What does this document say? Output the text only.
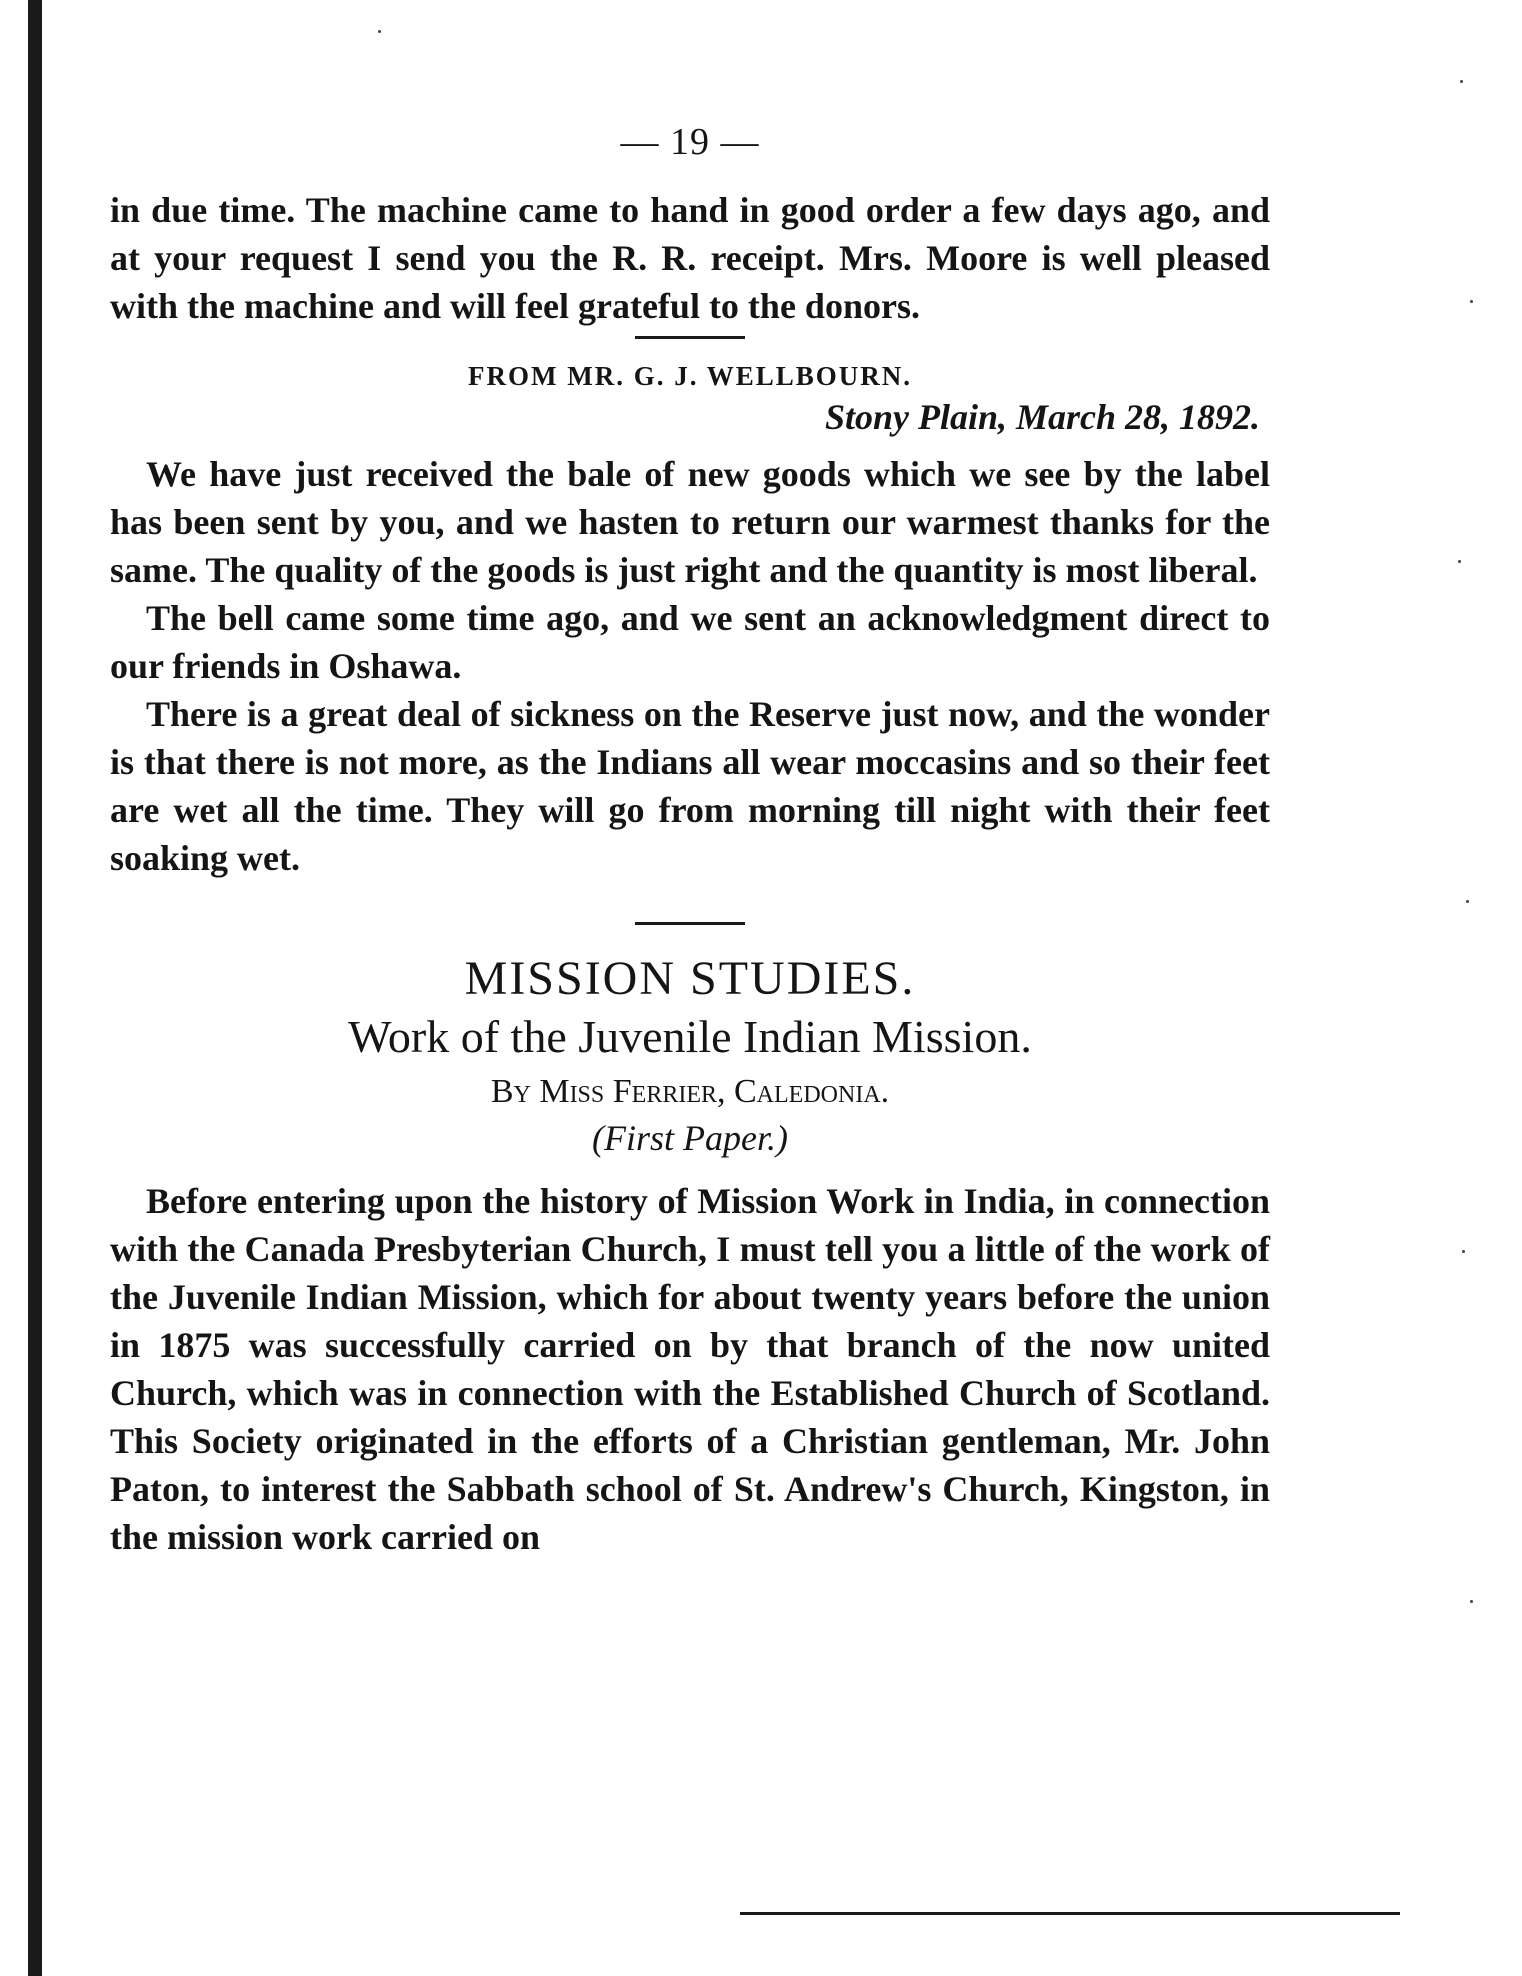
— 19 —

in due time. The machine came to hand in good order a few days ago, and at your request I send you the R. R. receipt. Mrs. Moore is well pleased with the machine and will feel grateful to the donors.

FROM MR. G. J. WELLBOURN.
Stony Plain, March 28, 1892.

We have just received the bale of new goods which we see by the label has been sent by you, and we hasten to return our warmest thanks for the same. The quality of the goods is just right and the quantity is most liberal.

The bell came some time ago, and we sent an acknowledgment direct to our friends in Oshawa.

There is a great deal of sickness on the Reserve just now, and the wonder is that there is not more, as the Indians all wear moccasins and so their feet are wet all the time. They will go from morning till night with their feet soaking wet.

MISSION STUDIES.
Work of the Juvenile Indian Mission.
By Miss Ferrier, Caledonia.
(First Paper.)

Before entering upon the history of Mission Work in India, in connection with the Canada Presbyterian Church, I must tell you a little of the work of the Juvenile Indian Mission, which for about twenty years before the union in 1875 was successfully carried on by that branch of the now united Church, which was in connection with the Established Church of Scotland. This Society originated in the efforts of a Christian gentleman, Mr. John Paton, to interest the Sabbath school of St. Andrew's Church, Kingston, in the mission work carried on
